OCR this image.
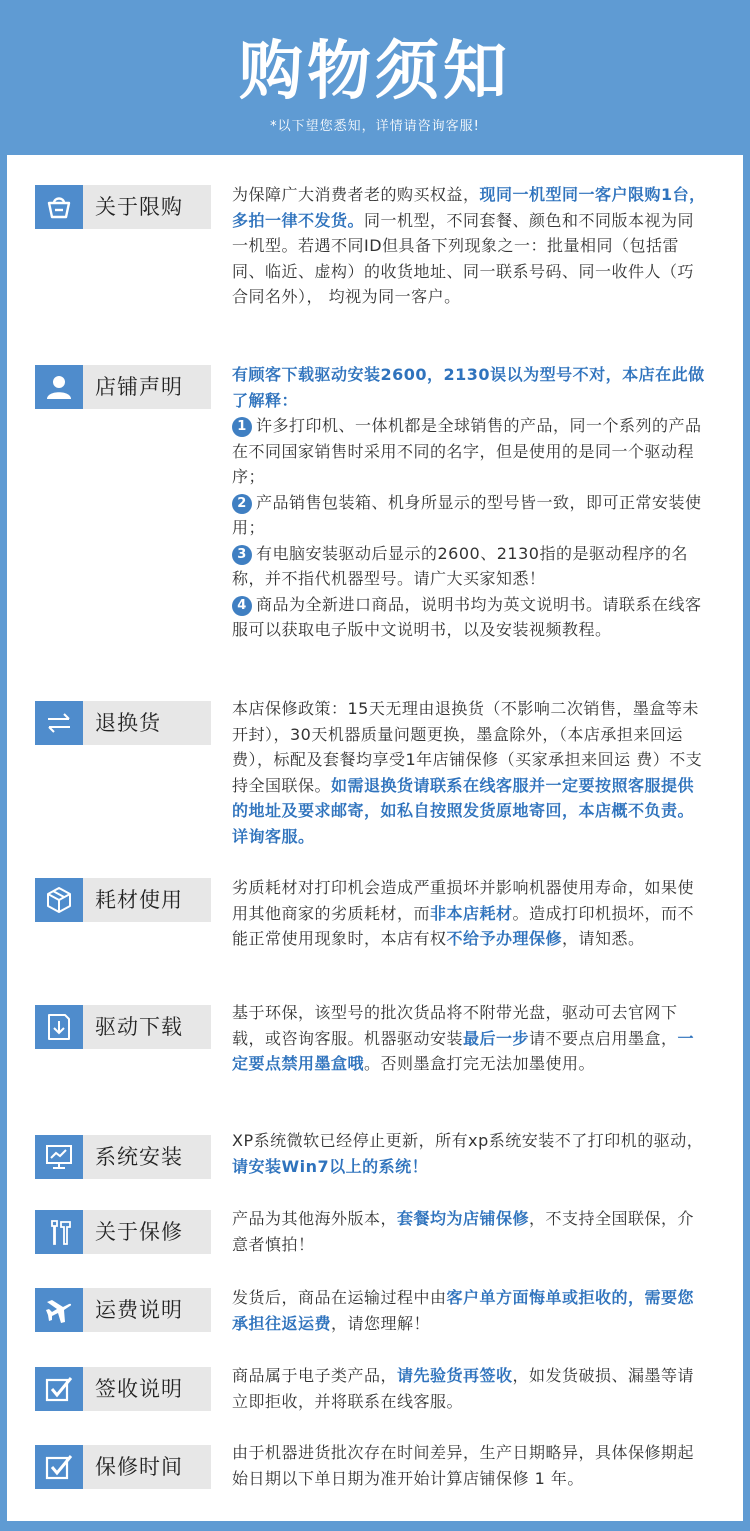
购物须知
*以下望您悉知，详情请咨询客服!
关于限购
为保障广大消费者老的购买权益，现同一机型同一客户限购1台，多拍一律不发货。同一机型，不同套餐、颜色和不同版本视为同一机型。若遇不同ID但具备下列现象之一：批量相同（包括雷同、临近、虚构）的收货地址、同一联系号码、同一收件人（巧合同名外）， 均视为同一客户。
店铺声明
有顾客下载驱动安装2600，2130误以为型号不对，本店在此做了解释：
1 许多打印机、一体机都是全球销售的产品，同一个系列的产品在不同国家销售时采用不同的名字，但是使用的是同一个驱动程序；
2 产品销售包装箱、机身所显示的型号皆一致，即可正常安装使用；
3 有电脑安装驱动后显示的2600、2130指的是驱动程序的名称，并不指代机器型号。请广大买家知悉！
4 商品为全新进口商品，说明书均为英文说明书。请联系在线客服可以获取电子版中文说明书，以及安装视频教程。
退换货
本店保修政策：15天无理由退换货（不影响二次销售，墨盒等未开封），30天机器质量问题更换，墨盒除外，（本店承担来回运费），标配及套餐均享受1年店铺保修（买家承担来回运 费）不支持全国联保。如需退换货请联系在线客服并一定要按照客服提供的地址及要求邮寄，如私自按照发货原地寄回，本店概不负责。详询客服。
耗材使用
劣质耗材对打印机会造成严重损坏并影响机器使用寿命，如果使用其他商家的劣质耗材，而非本店耗材。造成打印机损坏，而不能正常使用现象时，本店有权不给予办理保修，请知悉。
驱动下载
基于环保，该型号的批次货品将不附带光盘，驱动可去官网下载，或咨询客服。机器驱动安装最后一步请不要点启用墨盒，一定要点禁用墨盒哦。否则墨盒打完无法加墨使用。
系统安装
XP系统微软已经停止更新，所有xp系统安装不了打印机的驱动，请安装Win7以上的系统！
关于保修
产品为其他海外版本，套餐均为店铺保修，不支持全国联保，介意者慎拍！
运费说明
发货后，商品在运输过程中由客户单方面悔单或拒收的，需要您承担往返运费，请您理解！
签收说明
商品属于电子类产品，请先验货再签收，如发货破损、漏墨等请立即拒收，并将联系在线客服。
保修时间
由于机器进货批次存在时间差异，生产日期略异，具体保修期起始日期以下单日期为准开始计算店铺保修 1 年。
